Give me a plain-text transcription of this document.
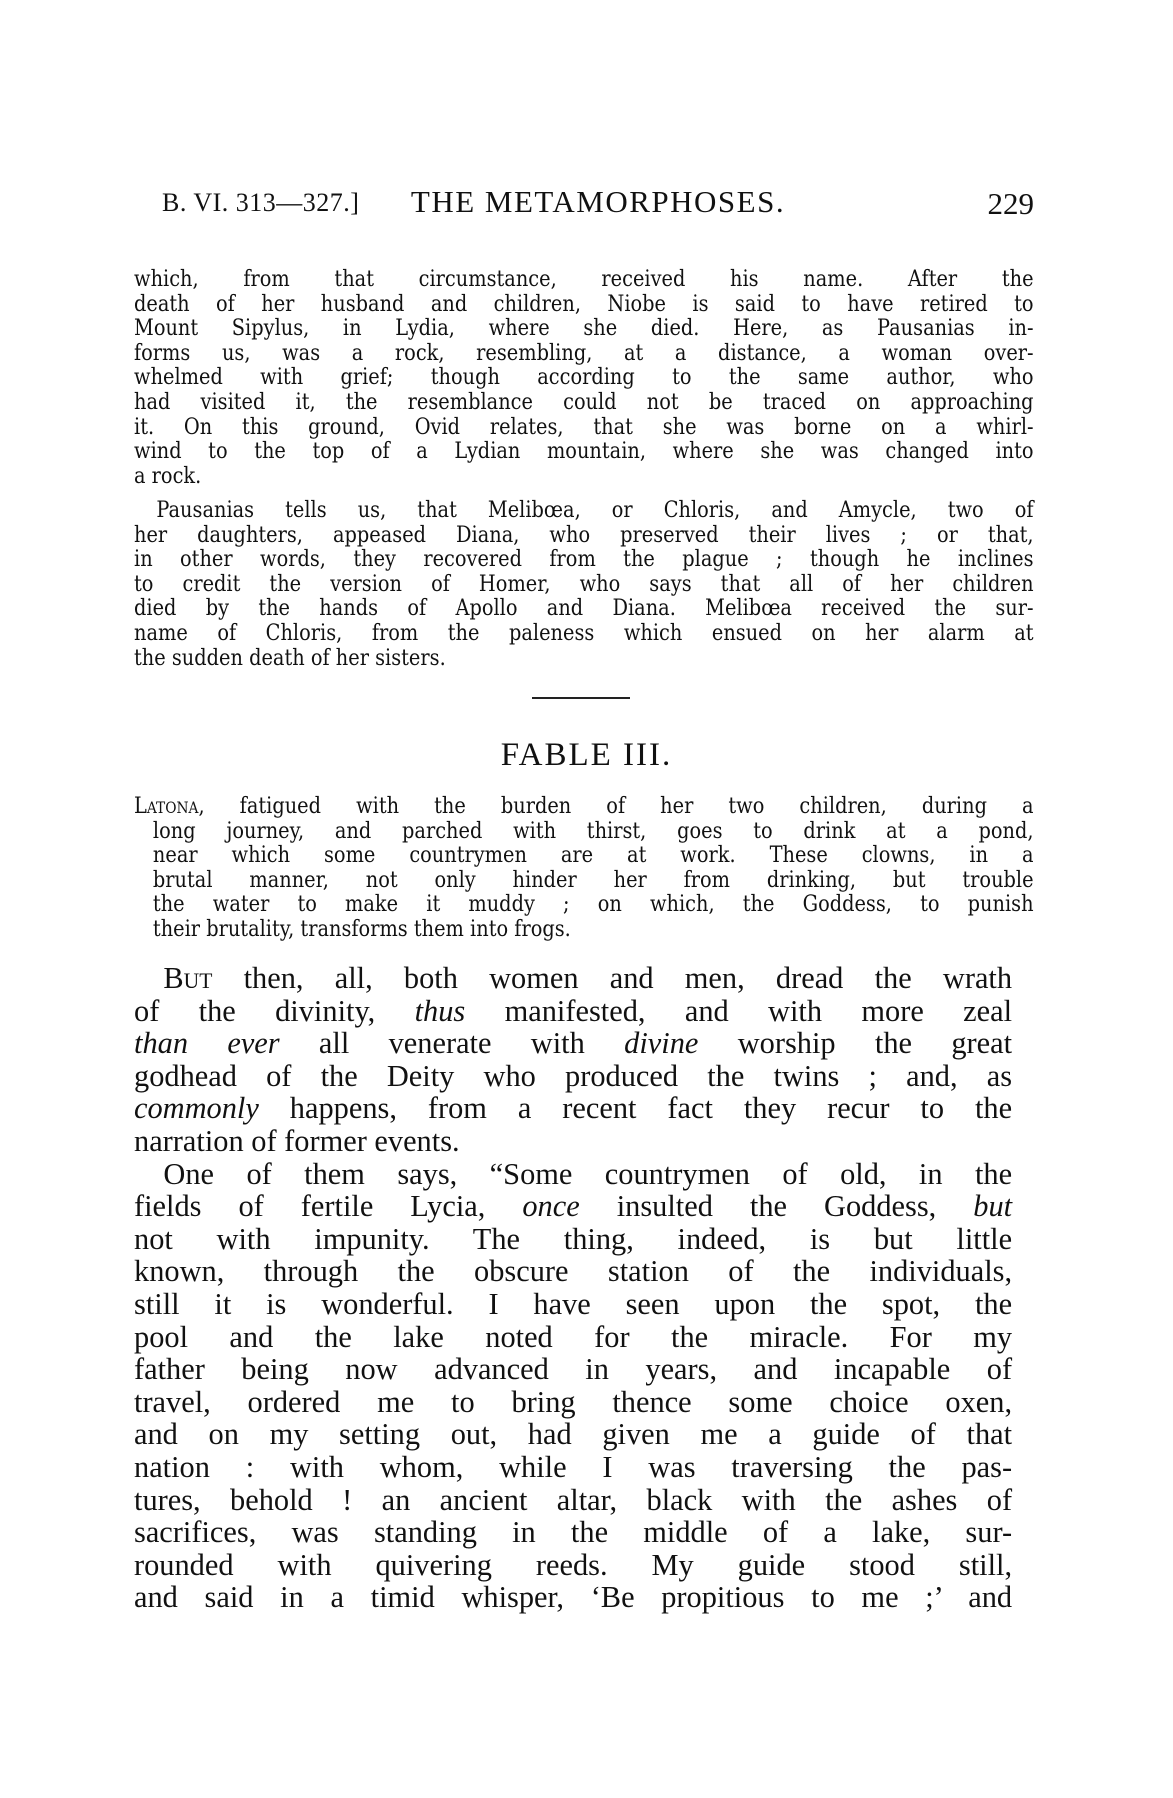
B. VI. 313—327.]	THE METAMORPHOSES.	229
which, from that circumstance, received his name. After the
death of her husband and children, Niobe is said to have retired to
Mount Sipylus, in Lydia, where she died. Here, as Pausanias in-
forms us, was a rock, resembling, at a distance, a woman over-
whelmed with grief; though according to the same author, who
had visited it, the resemblance could not be traced on approaching
it. On this ground, Ovid relates, that she was borne on a whirl-
wind to the top of a Lydian mountain, where she was changed into
a rock.
Pausanias tells us, that Melibœa, or Chloris, and Amycle, two of
her daughters, appeased Diana, who preserved their lives ; or that,
in other words, they recovered from the plague ; though he inclines
to credit the version of Homer, who says that all of her children
died by the hands of Apollo and Diana. Melibœa received the sur-
name of Chloris, from the paleness which ensued on her alarm at
the sudden death of her sisters.
FABLE III.
Latona, fatigued with the burden of her two children, during a
long journey, and parched with thirst, goes to drink at a pond,
near which some countrymen are at work. These clowns, in a
brutal manner, not only hinder her from drinking, but trouble
the water to make it muddy ; on which, the Goddess, to punish
their brutality, transforms them into frogs.
But then, all, both women and men, dread the wrath
of the divinity, thus manifested, and with more zeal
than ever all venerate with divine worship the great
godhead of the Deity who produced the twins ; and, as
commonly happens, from a recent fact they recur to the
narration of former events.
One of them says, “Some countrymen of old, in the
fields of fertile Lycia, once insulted the Goddess, but
not with impunity. The thing, indeed, is but little
known, through the obscure station of the individuals,
still it is wonderful. I have seen upon the spot, the
pool and the lake noted for the miracle. For my
father being now advanced in years, and incapable of
travel, ordered me to bring thence some choice oxen,
and on my setting out, had given me a guide of that
nation : with whom, while I was traversing the pas-
tures, behold ! an ancient altar, black with the ashes of
sacrifices, was standing in the middle of a lake, sur-
rounded with quivering reeds. My guide stood still,
and said in a timid whisper, ‘Be propitious to me ;’ and
